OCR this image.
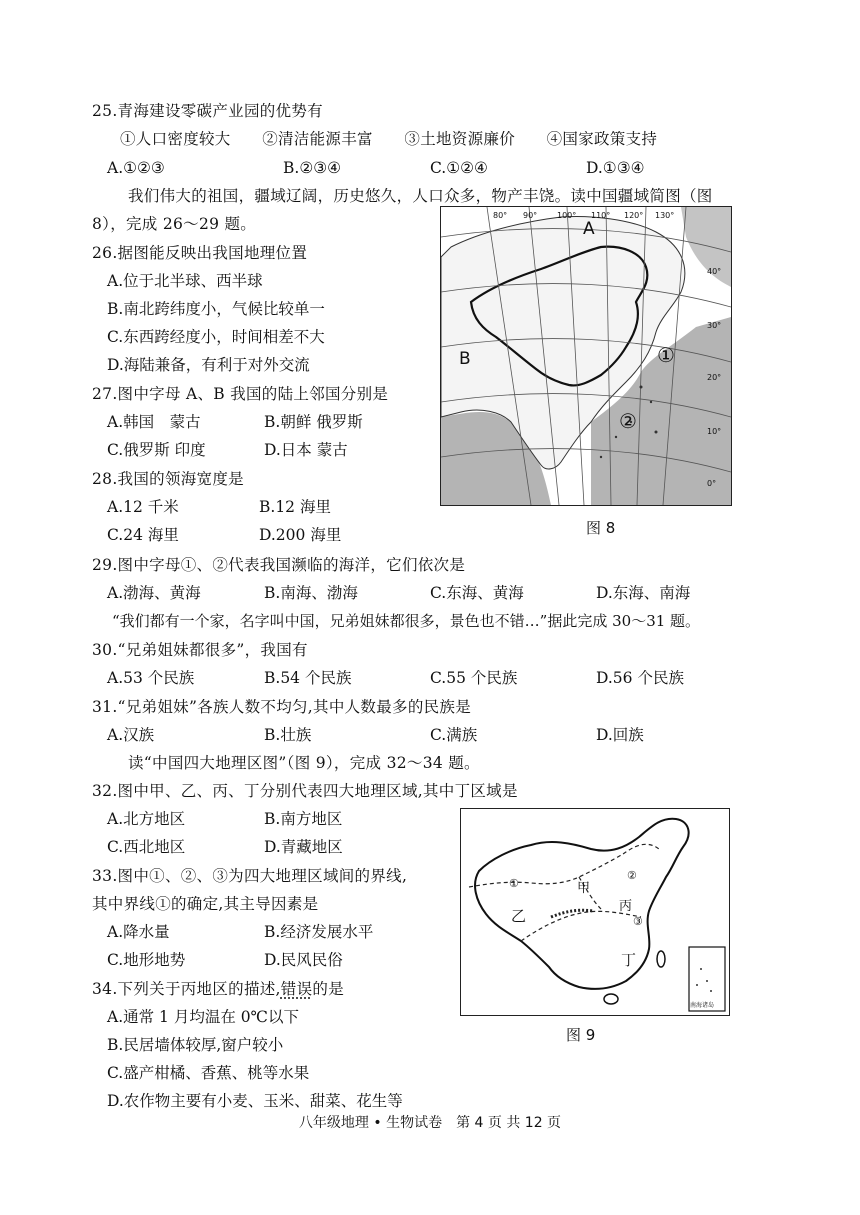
25.青海建设零碳产业园的优势有
①人口密度较大　　②清洁能源丰富　　③土地资源廉价　　④国家政策支持
A.①②③	B.②③④	C.①②④	D.①③④
我们伟大的祖国，疆域辽阔，历史悠久，人口众多，物产丰饶。读中国疆域简图（图
8），完成 26～29 题。
26.据图能反映出我国地理位置
A.位于北半球、西半球
B.南北跨纬度小，气候比较单一
C.东西跨经度小，时间相差不大
D.海陆兼备，有利于对外交流
27.图中字母 A、B 我国的陆上邻国分别是
A.韩国　蒙古	B.朝鲜 俄罗斯
C.俄罗斯 印度	D.日本 蒙古
28.我国的领海宽度是
A.12 千米	B.12 海里
C.24 海里	D.200 海里
80° 90° 100° 110° 120° 130°
40°
30°
20°
10°
0°
A
B	①
②
图 8
29.图中字母①、②代表我国濒临的海洋，它们依次是
A.渤海、黄海	B.南海、渤海	C.东海、黄海	D.东海、南海
“我们都有一个家，名字叫中国，兄弟姐妹都很多，景色也不错…”据此完成 30～31 题。
30.“兄弟姐妹都很多”，我国有
A.53 个民族	B.54 个民族	C.55 个民族	D.56 个民族
31.“兄弟姐妹”各族人数不均匀,其中人数最多的民族是
A.汉族	B.壮族	C.满族	D.回族
读“中国四大地理区图”（图 9），完成 32～34 题。
32.图中甲、乙、丙、丁分别代表四大地理区域,其中丁区域是
A.北方地区	B.南方地区
C.西北地区	D.青藏地区
33.图中①、②、③为四大地理区域间的界线,
其中界线①的确定,其主导因素是
A.降水量	B.经济发展水平
C.地形地势	D.民风民俗
34.下列关于丙地区的描述,错误的是
A.通常 1 月均温在 0℃以下
B.民居墙体较厚,窗户较小
C.盛产柑橘、香蕉、桃等水果
D.农作物主要有小麦、玉米、甜菜、花生等
甲
乙
丙
丁
①
②
③
南海诸岛
图 9
八年级地理 • 生物试卷　第 4 页 共 12 页
